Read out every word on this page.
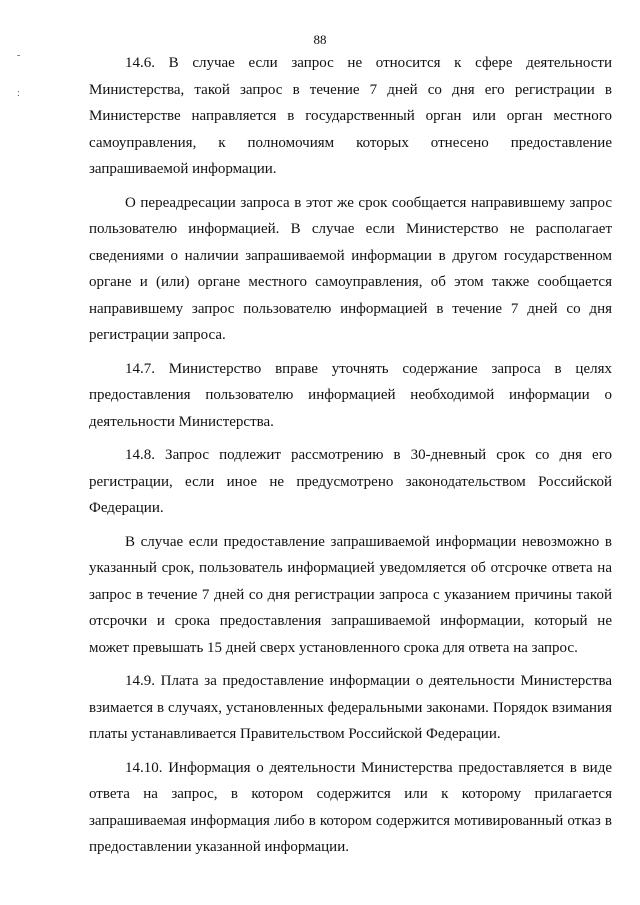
88
-
:

14.6. В случае если запрос не относится к сфере деятельности Министерства, такой запрос в течение 7 дней со дня его регистрации в Министерстве направляется в государственный орган или орган местного самоуправления, к полномочиям которых отнесено предоставление запрашиваемой информации.

О переадресации запроса в этот же срок сообщается направившему запрос пользователю информацией. В случае если Министерство не располагает сведениями о наличии запрашиваемой информации в другом государственном органе и (или) органе местного самоуправления, об этом также сообщается направившему запрос пользователю информацией в течение 7 дней со дня регистрации запроса.

14.7. Министерство вправе уточнять содержание запроса в целях предоставления пользователю информацией необходимой информации о деятельности Министерства.

14.8. Запрос подлежит рассмотрению в 30-дневный срок со дня его регистрации, если иное не предусмотрено законодательством Российской Федерации.

В случае если предоставление запрашиваемой информации невозможно в указанный срок, пользователь информацией уведомляется об отсрочке ответа на запрос в течение 7 дней со дня регистрации запроса с указанием причины такой отсрочки и срока предоставления запрашиваемой информации, который не может превышать 15 дней сверх установленного срока для ответа на запрос.

14.9. Плата за предоставление информации о деятельности Министерства взимается в случаях, установленных федеральными законами. Порядок взимания платы устанавливается Правительством Российской Федерации.

14.10. Информация о деятельности Министерства предоставляется в виде ответа на запрос, в котором содержится или к которому прилагается запрашиваемая информация либо в котором содержится мотивированный отказ в предоставлении указанной информации.
